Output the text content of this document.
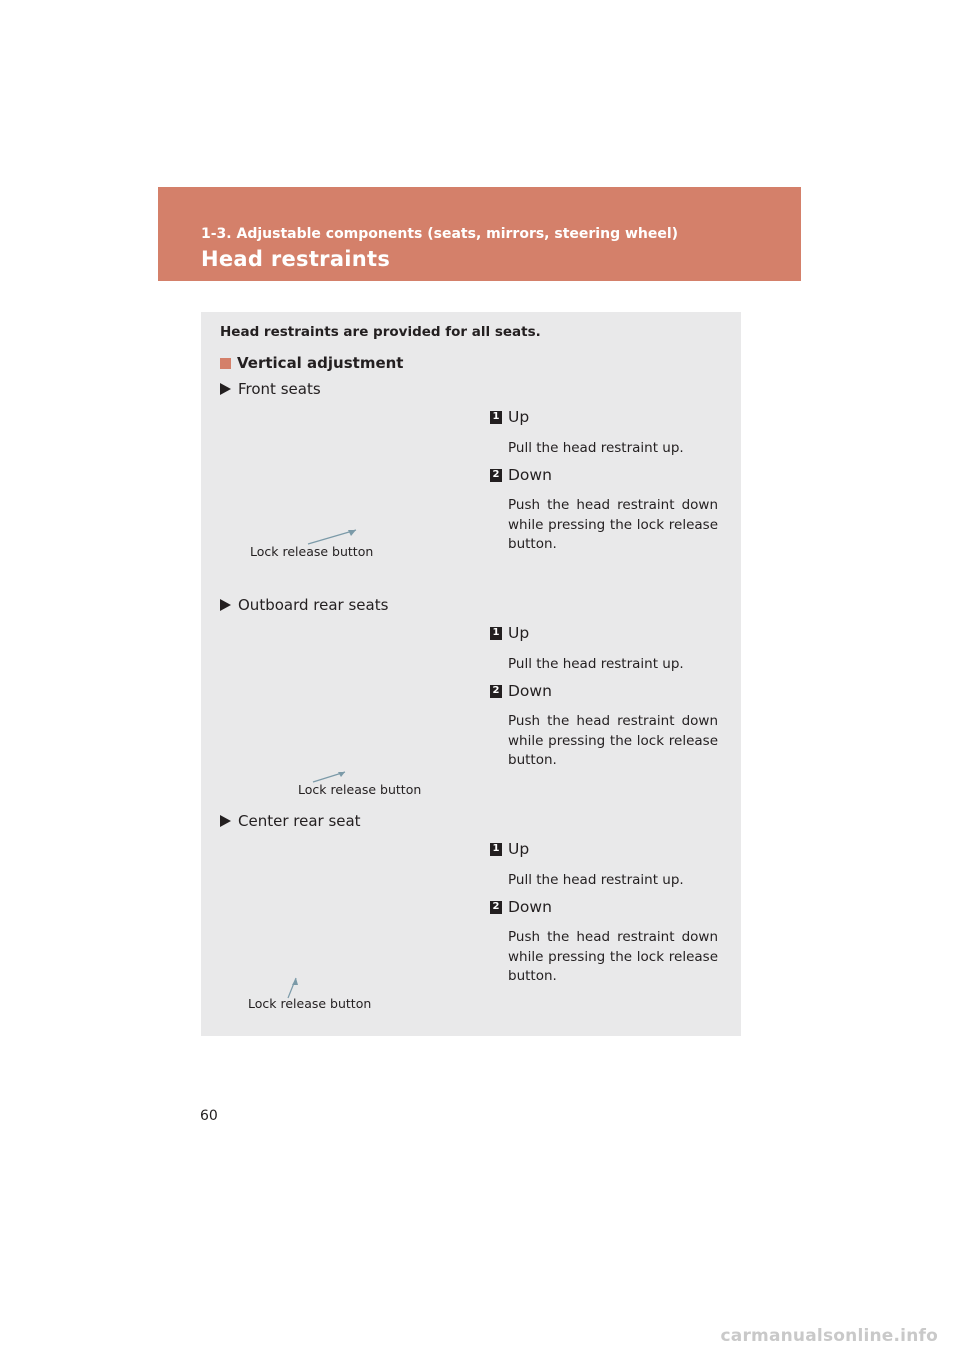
1-3. Adjustable components (seats, mirrors, steering wheel)
Head restraints
Head restraints are provided for all seats.
Vertical adjustment
Front seats
1 Up
Pull the head restraint up.
2 Down
Push the head restraint down while pressing the lock release button.
Lock release button
Outboard rear seats
1 Up
Pull the head restraint up.
2 Down
Push the head restraint down while pressing the lock release button.
Lock release button
Center rear seat
1 Up
Pull the head restraint up.
2 Down
Push the head restraint down while pressing the lock release button.
Lock release button
60
carmanualsonline.info
